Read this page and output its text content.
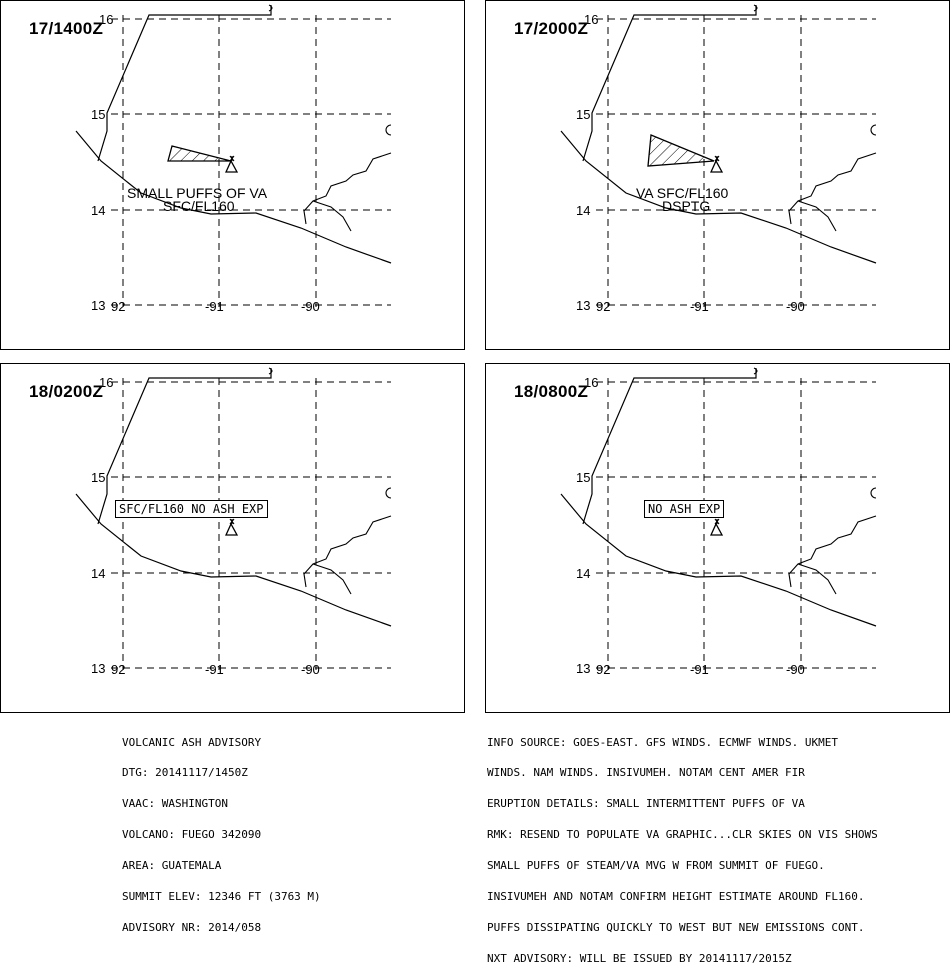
16
15
14
13 92	-91	-90
17/1400Z
SMALL PUFFS OF VA
SFC/FL160
16
15
14
13 92	-91	-90
17/2000Z
VA SFC/FL160
DSPTG
16
15
14
13 92	-91	-90
18/0200Z
SFC/FL160 NO ASH EXP
16
15
14
13 92	-91	-90
18/0800Z
NO ASH EXP

VOLCANIC ASH ADVISORY

DTG: 20141117/1450Z

VAAC: WASHINGTON

VOLCANO: FUEGO 342090

AREA: GUATEMALA

SUMMIT ELEV: 12346 FT (3763 M)

ADVISORY NR: 2014/058

INFO SOURCE: GOES-EAST. GFS WINDS. ECMWF WINDS. UKMET

WINDS. NAM WINDS. INSIVUMEH. NOTAM CENT AMER FIR

ERUPTION DETAILS: SMALL INTERMITTENT PUFFS OF VA

RMK: RESEND TO POPULATE VA GRAPHIC...CLR SKIES ON VIS SHOWS

SMALL PUFFS OF STEAM/VA MVG W FROM SUMMIT OF FUEGO.

INSIVUMEH AND NOTAM CONFIRM HEIGHT ESTIMATE AROUND FL160.

PUFFS DISSIPATING QUICKLY TO WEST BUT NEW EMISSIONS CONT.

NXT ADVISORY: WILL BE ISSUED BY 20141117/2015Z
